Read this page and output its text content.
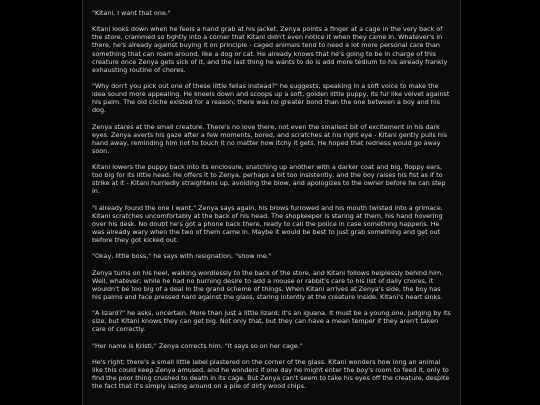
"Kitani, I want that one."

Kitani looks down when he feels a hand grab at his jacket. Zenya points a finger at a cage in the very back of the store, crammed so tightly into a corner that Kitani didn't even notice it when they came in. Whatever's in there, he's already against buying it on principle - caged animals tend to need a lot more personal care than something that can roam around, like a dog or cat. He already knows that he's going to be in charge of this creature once Zenya gets sick of it, and the last thing he wants to do is add more tedium to his already frankly exhausting routine of chores.

"Why don't you pick out one of these little fellas instead?" he suggests, speaking in a soft voice to make the idea sound more appealing. He kneels down and scoops up a soft, golden little puppy, its fur like velvet against his palm. The old cliche existed for a reason; there was no greater bond than the one between a boy and his dog.

Zenya stares at the small creature. There's no love there, not even the smallest bit of excitement in his dark eyes. Zenya averts his gaze after a few moments, bored, and scratches at his right eye - Kitani gently pulls his hand away, reminding him not to touch it no matter how itchy it gets. He hoped that redness would go away soon.

Kitani lowers the puppy back into its enclosure, snatching up another with a darker coat and big, floppy ears, too big for its little head. He offers it to Zenya, perhaps a bit too insistently, and the boy raises his fist as if to strike at it - Kitani hurriedly straightens up, avoiding the blow, and apologizes to the owner before he can step in.

"I already found the one I want," Zenya says again, his brows furrowed and his mouth twisted into a grimace. Kitani scratches uncomfortably at the back of his head. The shopkeeper is staring at them, his hand hovering over his desk. No doubt he's got a phone back there, ready to call the police in case something happens. He was already wary when the two of them came in. Maybe it would be best to just grab something and get out before they got kicked out.

"Okay, little boss," he says with resignation, "show me."

Zenya turns on his heel, walking wordlessly to the back of the store, and Kitani follows helplessly behind him. Well, whatever; while he had no burning desire to add a mouse or rabbit's care to his list of daily chores, it wouldn't be too big of a deal in the grand scheme of things. When Kitani arrives at Zenya's side, the boy has his palms and face pressed hard against the glass, staring intently at the creature inside. Kitani's heart sinks.

"A lizard?" he asks, uncertain. More than just a little lizard; it's an iguana. It must be a young one, judging by its size, but Kitani knows they can get big. Not only that, but they can have a mean temper if they aren't taken care of correctly.

"Her name is Kristi," Zenya corrects him. "It says so on her cage."

He's right; there's a small little label plastered on the corner of the glass. Kitani wonders how long an animal like this could keep Zenya amused, and he wonders if one day he might enter the boy's room to feed it, only to find the poor thing crushed to death in its cage. But Zenya can't seem to take his eyes off the creature, despite the fact that it's simply lazing around on a pile of dirty wood chips.
